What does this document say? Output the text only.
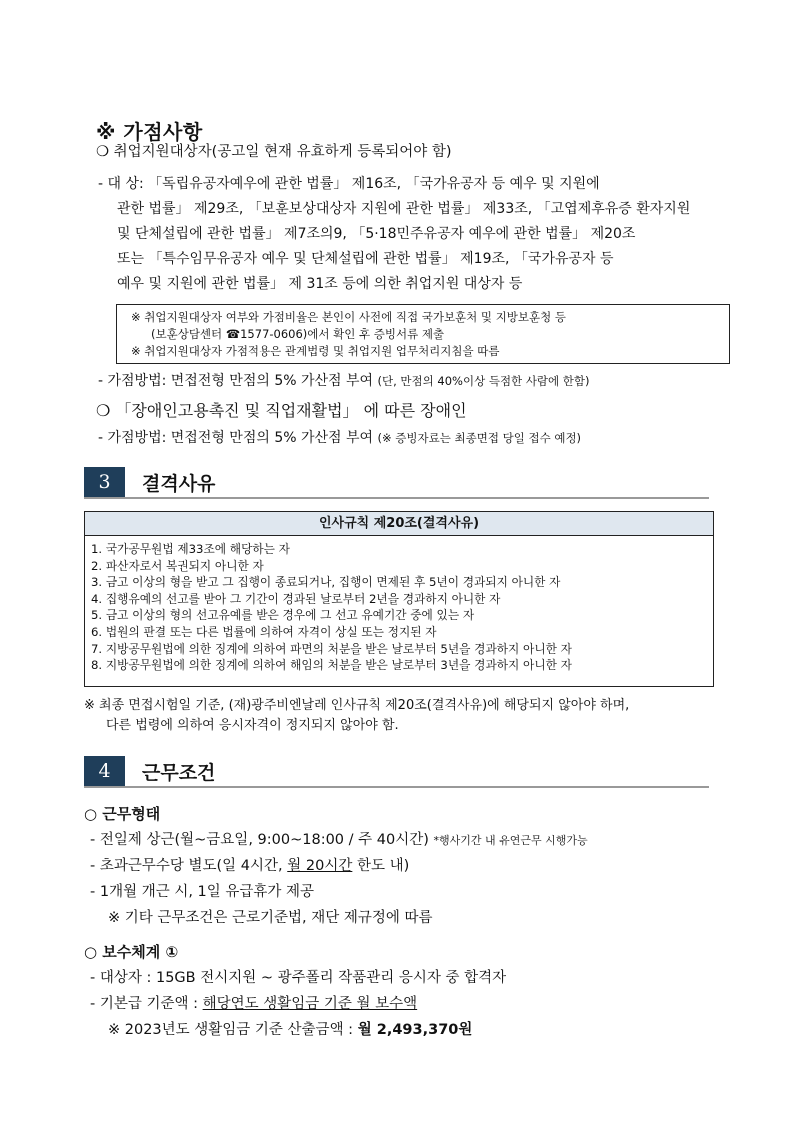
※ 가점사항
❍ 취업지원대상자(공고일 현재 유효하게 등록되어야 함)
- 대 상: 「독립유공자예우에 관한 법률」 제16조, 「국가유공자 등 예우 및 지원에
관한 법률」 제29조, 「보훈보상대상자 지원에 관한 법률」 제33조, 「고엽제후유증 환자지원
및 단체설립에 관한 법률」 제7조의9, 「5·18민주유공자 예우에 관한 법률」 제20조
또는 「특수임무유공자 예우 및 단체설립에 관한 법률」 제19조, 「국가유공자 등
예우 및 지원에 관한 법률」 제 31조 등에 의한 취업지원 대상자 등
※ 취업지원대상자 여부와 가점비율은 본인이 사전에 직접 국가보훈처 및 지방보훈청 등
(보훈상담센터 ☎1577-0606)에서 확인 후 증빙서류 제출
※ 취업지원대상자 가점적용은 관계법령 및 취업지원 업무처리지침을 따름
- 가점방법: 면접전형 만점의 5% 가산점 부여 (단, 만점의 40%이상 득점한 사람에 한함)
❍ 「장애인고용촉진 및 직업재활법」 에 따른 장애인
- 가점방법: 면접전형 만점의 5% 가산점 부여 (※ 증빙자료는 최종면접 당일 접수 예정)
3	결격사유
인사규칙 제20조(결격사유)
1. 국가공무원법 제33조에 해당하는 자
2. 파산자로서 복권되지 아니한 자
3. 금고 이상의 형을 받고 그 집행이 종료되거나, 집행이 면제된 후 5년이 경과되지 아니한 자
4. 집행유예의 선고를 받아 그 기간이 경과된 날로부터 2년을 경과하지 아니한 자
5. 금고 이상의 형의 선고유예를 받은 경우에 그 선고 유예기간 중에 있는 자
6. 법원의 판결 또는 다른 법률에 의하여 자격이 상실 또는 정지된 자
7. 지방공무원법에 의한 징계에 의하여 파면의 처분을 받은 날로부터 5년을 경과하지 아니한 자
8. 지방공무원법에 의한 징계에 의하여 해임의 처분을 받은 날로부터 3년을 경과하지 아니한 자
※ 최종 면접시험일 기준, (재)광주비엔날레 인사규칙 제20조(결격사유)에 해당되지 않아야 하며,
다른 법령에 의하여 응시자격이 정지되지 않아야 함.
4	근무조건
○ 근무형태
- 전일제 상근(월~금요일, 9:00~18:00 / 주 40시간) *행사기간 내 유연근무 시행가능
- 초과근무수당 별도(일 4시간, 월 20시간 한도 내)
- 1개월 개근 시, 1일 유급휴가 제공
※ 기타 근무조건은 근로기준법, 재단 제규정에 따름
○ 보수체계 ①
- 대상자 : 15GB 전시지원 ~ 광주폴리 작품관리 응시자 중 합격자
- 기본급 기준액 : 해당연도 생활임금 기준 월 보수액
※ 2023년도 생활임금 기준 산출금액 : 월 2,493,370원
